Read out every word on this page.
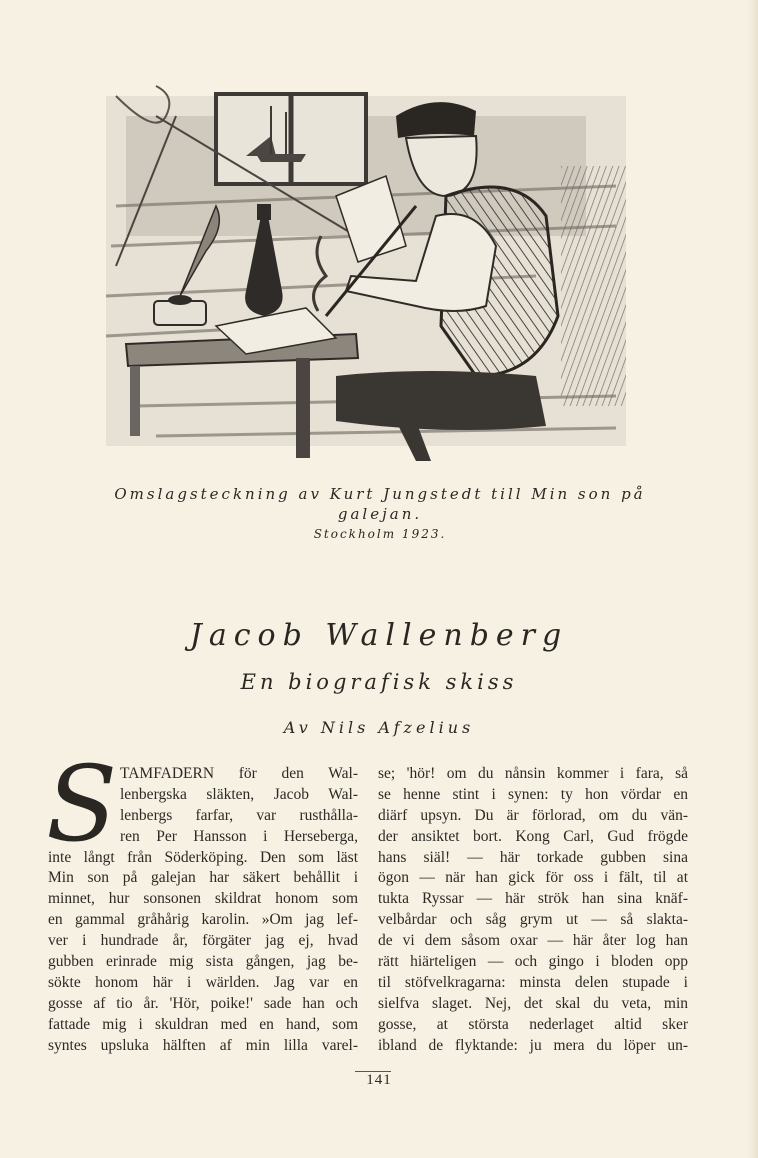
Omslagsteckning av Kurt Jungstedt till Min son på
galejan.
Stockholm 1923.
Jacob Wallenberg
En biografisk skiss
Av Nils Afzelius
S TAMFADERN för den Wal-
lenbergska släkten, Jacob Wal-
lenbergs farfar, var rusthålla-
ren Per Hansson i Herseberga,
inte långt från Söderköping. Den som läst
Min son på galejan har säkert behållit i
minnet, hur sonsonen skildrat honom som
en gammal gråhårig karolin. »Om jag lef-
ver i hundrade år, förgäter jag ej, hvad
gubben erinrade mig sista gången, jag be-
sökte honom här i wärlden. Jag var en
gosse af tio år. 'Hör, poike!' sade han och
fattade mig i skuldran med en hand, som
syntes upsluka hälften af min lilla varel-
se; 'hör! om du nånsin kommer i fara, så
se henne stint i synen: ty hon vördar en
diärf upsyn. Du är förlorad, om du vän-
der ansiktet bort. Kong Carl, Gud frögde
hans siäl! — här torkade gubben sina
ögon — när han gick för oss i fält, til at
tukta Ryssar — här strök han sina knäf-
velbårdar och såg grym ut — så slakta-
de vi dem såsom oxar — här åter log han
rätt hiärteligen — och gingo i bloden opp
til stöfvelkragarna: minsta delen stupade i
sielfva slaget. Nej, det skal du veta, min
gosse, at största nederlaget altid sker
ibland de flyktande: ju mera du löper un-
141
